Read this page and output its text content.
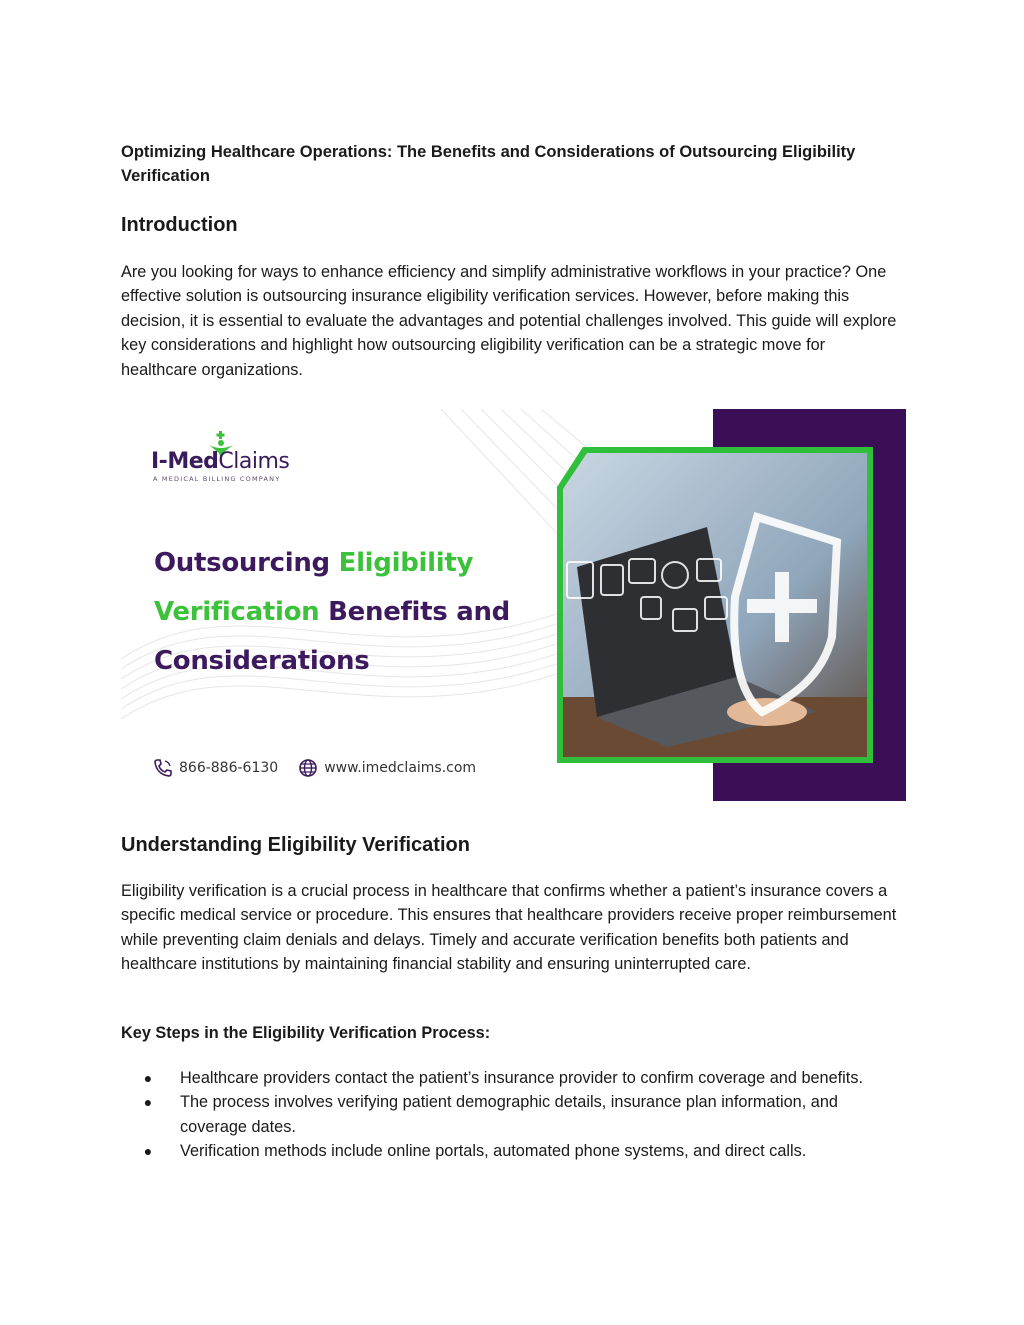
Optimizing Healthcare Operations: The Benefits and Considerations of Outsourcing Eligibility Verification

Introduction

Are you looking for ways to enhance efficiency and simplify administrative workflows in your practice? One effective solution is outsourcing insurance eligibility verification services. However, before making this decision, it is essential to evaluate the advantages and potential challenges involved. This guide will explore key considerations and highlight how outsourcing eligibility verification can be a strategic move for healthcare organizations.

I-MedClaims
A MEDICAL BILLING COMPANY
Outsourcing Eligibility
Verification Benefits and
Considerations
866-886-6130	www.imedclaims.com
Understanding Eligibility Verification

Eligibility verification is a crucial process in healthcare that confirms whether a patient’s insurance covers a specific medical service or procedure. This ensures that healthcare providers receive proper reimbursement while preventing claim denials and delays. Timely and accurate verification benefits both patients and healthcare institutions by maintaining financial stability and ensuring uninterrupted care.

Key Steps in the Eligibility Verification Process:

●	Healthcare providers contact the patient’s insurance provider to confirm coverage and benefits.
●	The process involves verifying patient demographic details, insurance plan information, and coverage dates.
●	Verification methods include online portals, automated phone systems, and direct calls.
